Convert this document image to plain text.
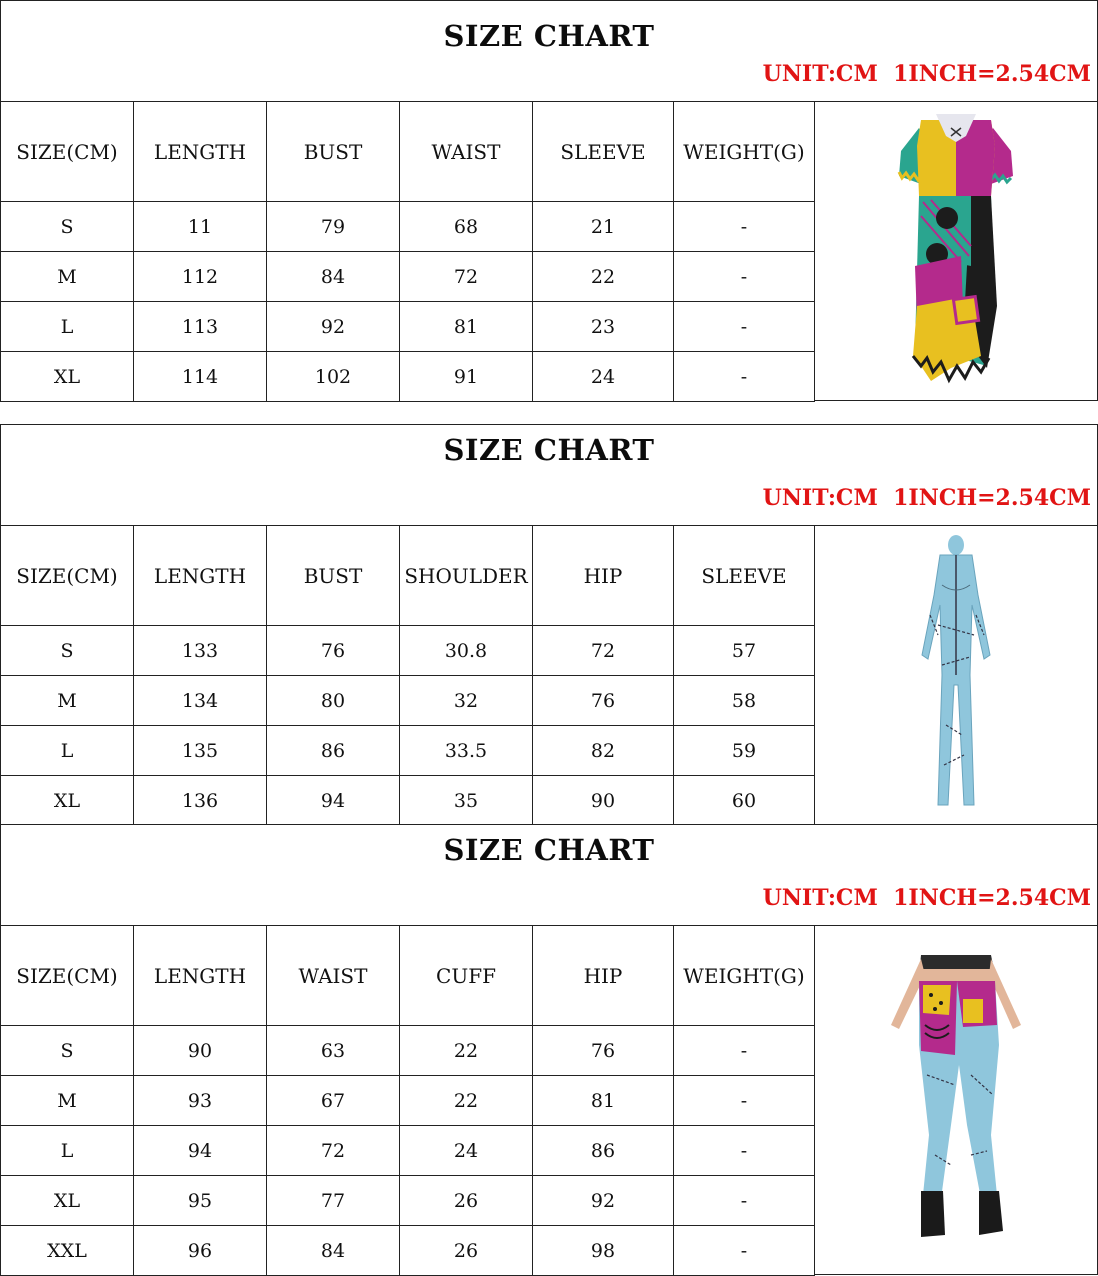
SIZE CHART
UNIT:CM  1INCH=2.54CM
SIZE(CM)	LENGTH	BUST	WAIST	SLEEVE	WEIGHT(G)
S	11	79	68	21	-
M	112	84	72	22	-
L	113	92	81	23	-
XL	114	102	91	24	-
SIZE CHART
UNIT:CM  1INCH=2.54CM
SIZE(CM)	LENGTH	BUST	SHOULDER	HIP	SLEEVE
S	133	76	30.8	72	57
M	134	80	32	76	58
L	135	86	33.5	82	59
XL	136	94	35	90	60
SIZE CHART
UNIT:CM  1INCH=2.54CM
SIZE(CM)	LENGTH	WAIST	CUFF	HIP	WEIGHT(G)
S	90	63	22	76	-
M	93	67	22	81	-
L	94	72	24	86	-
XL	95	77	26	92	-
XXL	96	84	26	98	-
